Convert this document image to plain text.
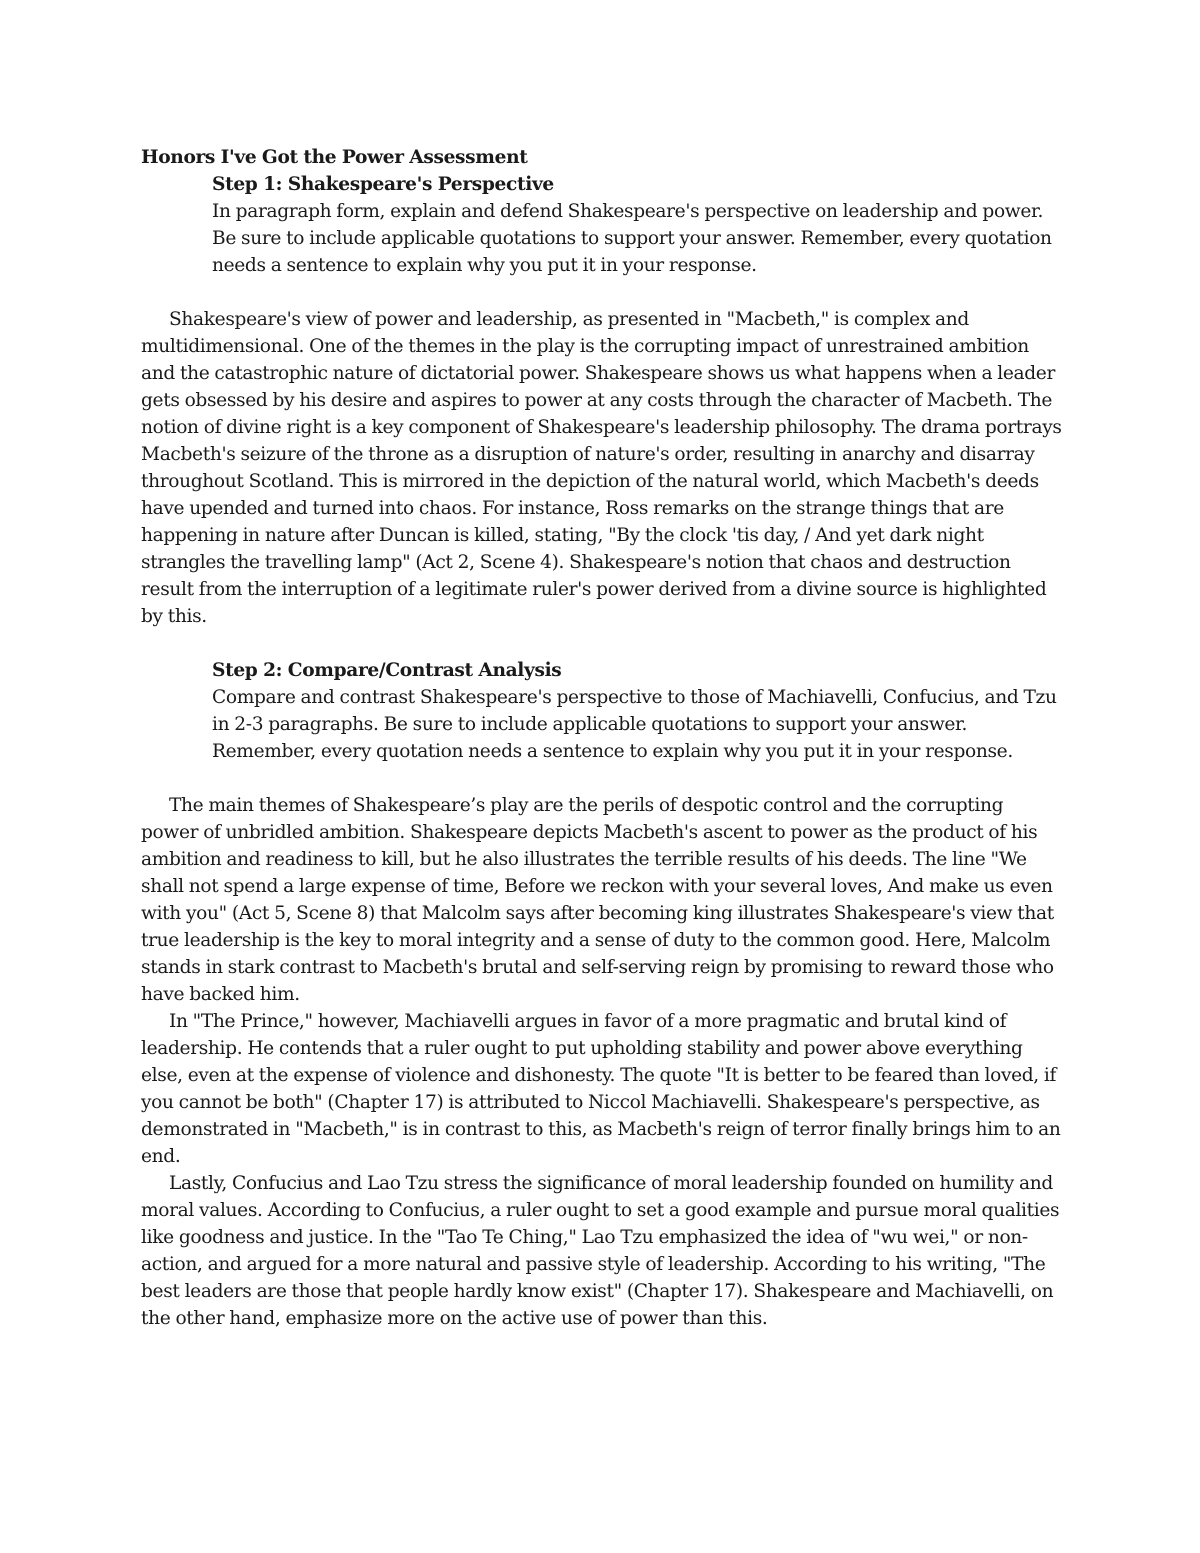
Honors I've Got the Power Assessment

Step 1: Shakespeare's Perspective

In paragraph form, explain and defend Shakespeare's perspective on leadership and power. Be sure to include applicable quotations to support your answer. Remember, every quotation needs a sentence to explain why you put it in your response.

Shakespeare's view of power and leadership, as presented in "Macbeth," is complex and multidimensional. One of the themes in the play is the corrupting impact of unrestrained ambition and the catastrophic nature of dictatorial power. Shakespeare shows us what happens when a leader gets obsessed by his desire and aspires to power at any costs through the character of Macbeth. The notion of divine right is a key component of Shakespeare's leadership philosophy. The drama portrays Macbeth's seizure of the throne as a disruption of nature's order, resulting in anarchy and disarray throughout Scotland. This is mirrored in the depiction of the natural world, which Macbeth's deeds have upended and turned into chaos. For instance, Ross remarks on the strange things that are happening in nature after Duncan is killed, stating, "By the clock 'tis day, / And yet dark night strangles the travelling lamp" (Act 2, Scene 4). Shakespeare's notion that chaos and destruction result from the interruption of a legitimate ruler's power derived from a divine source is highlighted by this.

Step 2: Compare/Contrast Analysis

Compare and contrast Shakespeare's perspective to those of Machiavelli, Confucius, and Tzu in 2-3 paragraphs. Be sure to include applicable quotations to support your answer. Remember, every quotation needs a sentence to explain why you put it in your response.

The main themes of Shakespeare’s play are the perils of despotic control and the corrupting power of unbridled ambition. Shakespeare depicts Macbeth's ascent to power as the product of his ambition and readiness to kill, but he also illustrates the terrible results of his deeds. The line "We shall not spend a large expense of time, Before we reckon with your several loves, And make us even with you" (Act 5, Scene 8) that Malcolm says after becoming king illustrates Shakespeare's view that true leadership is the key to moral integrity and a sense of duty to the common good. Here, Malcolm stands in stark contrast to Macbeth's brutal and self-serving reign by promising to reward those who have backed him.

In "The Prince," however, Machiavelli argues in favor of a more pragmatic and brutal kind of leadership. He contends that a ruler ought to put upholding stability and power above everything else, even at the expense of violence and dishonesty. The quote "It is better to be feared than loved, if you cannot be both" (Chapter 17) is attributed to Niccol Machiavelli. Shakespeare's perspective, as demonstrated in "Macbeth," is in contrast to this, as Macbeth's reign of terror finally brings him to an end.

Lastly, Confucius and Lao Tzu stress the significance of moral leadership founded on humility and moral values. According to Confucius, a ruler ought to set a good example and pursue moral qualities like goodness and justice. In the "Tao Te Ching," Lao Tzu emphasized the idea of "wu wei," or non-action, and argued for a more natural and passive style of leadership. According to his writing, "The best leaders are those that people hardly know exist" (Chapter 17). Shakespeare and Machiavelli, on the other hand, emphasize more on the active use of power than this.
